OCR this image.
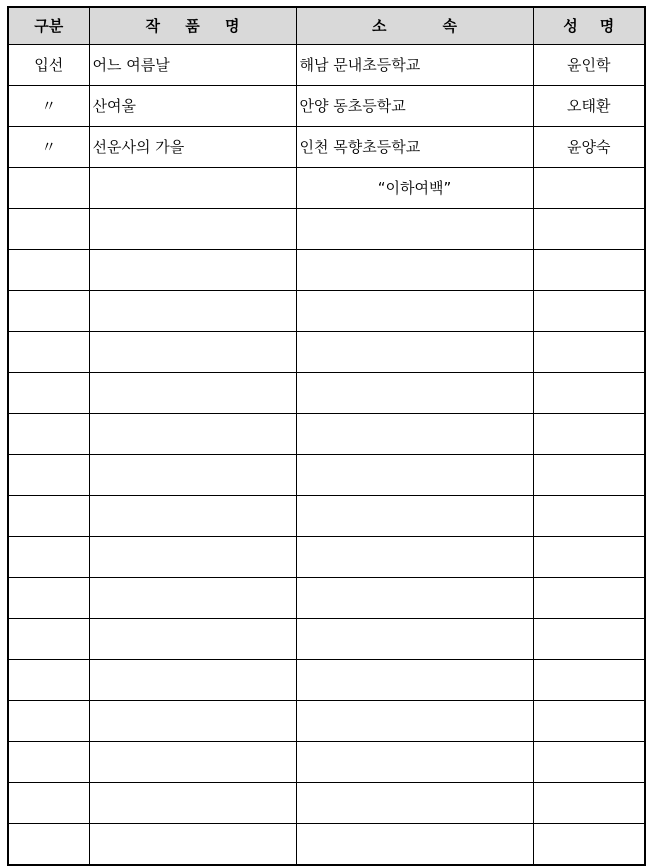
구분	작 품 명	소 속	성 명
입선	어느 여름날	해남 문내초등학교	윤인학
〃	산여울	안양 동초등학교	오태환
〃	선운사의 가을	인천 목향초등학교	윤양숙
		“이하여백”	
